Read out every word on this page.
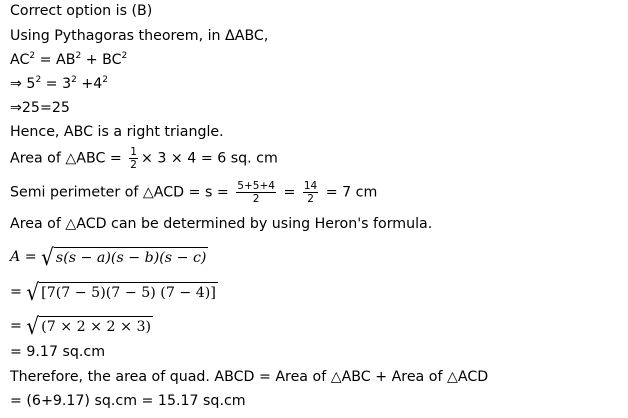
Correct option is (B)
Using Pythagoras theorem, in ΔABC,
$AC^2 = AB^2 + BC^2$
⇒ $5^2 = 3^2 +4^2$
⇒25=25
Hence, ABC is a right triangle.
Area of △ABC = $\frac{1}{2} \times 3 \times 4 = 6$ sq. cm
Semi perimeter of △ACD = $s = \frac{5+5+4}{2} = \frac{14}{2} = 7$ cm
Area of △ACD can be determined by using Heron's formula.
A = √ s(s − a)(s − b)(s − c)
= √ [7(7 − 5)(7 − 5) (7 − 4)]
= √ (7 × 2 × 2 × 3)
= 9.17 sq.cm
Therefore, the area of quad. ABCD = Area of △ABC + Area of △ACD
= (6+9.17) sq.cm = 15.17 sq.cm
